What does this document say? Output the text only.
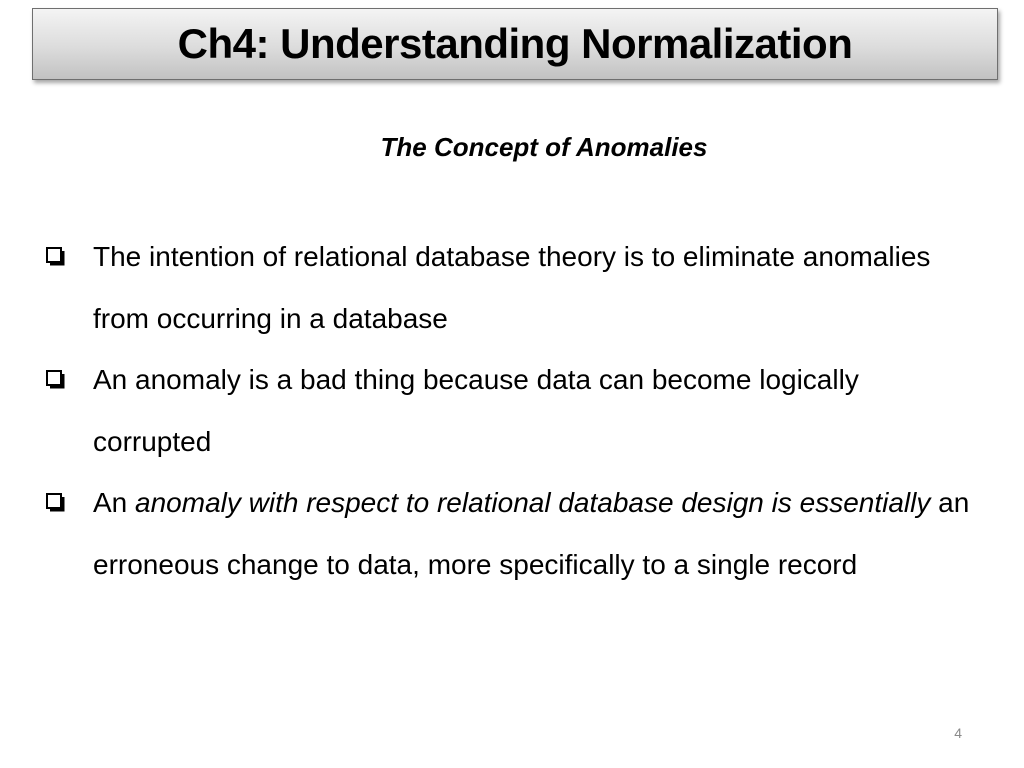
Ch4: Understanding Normalization

The Concept of Anomalies

The intention of relational database theory is to eliminate anomalies from occurring in a database
An anomaly is a bad thing because data can become logically corrupted
An anomaly with respect to relational database design is essentially an erroneous change to data, more specifically to a single record
4
